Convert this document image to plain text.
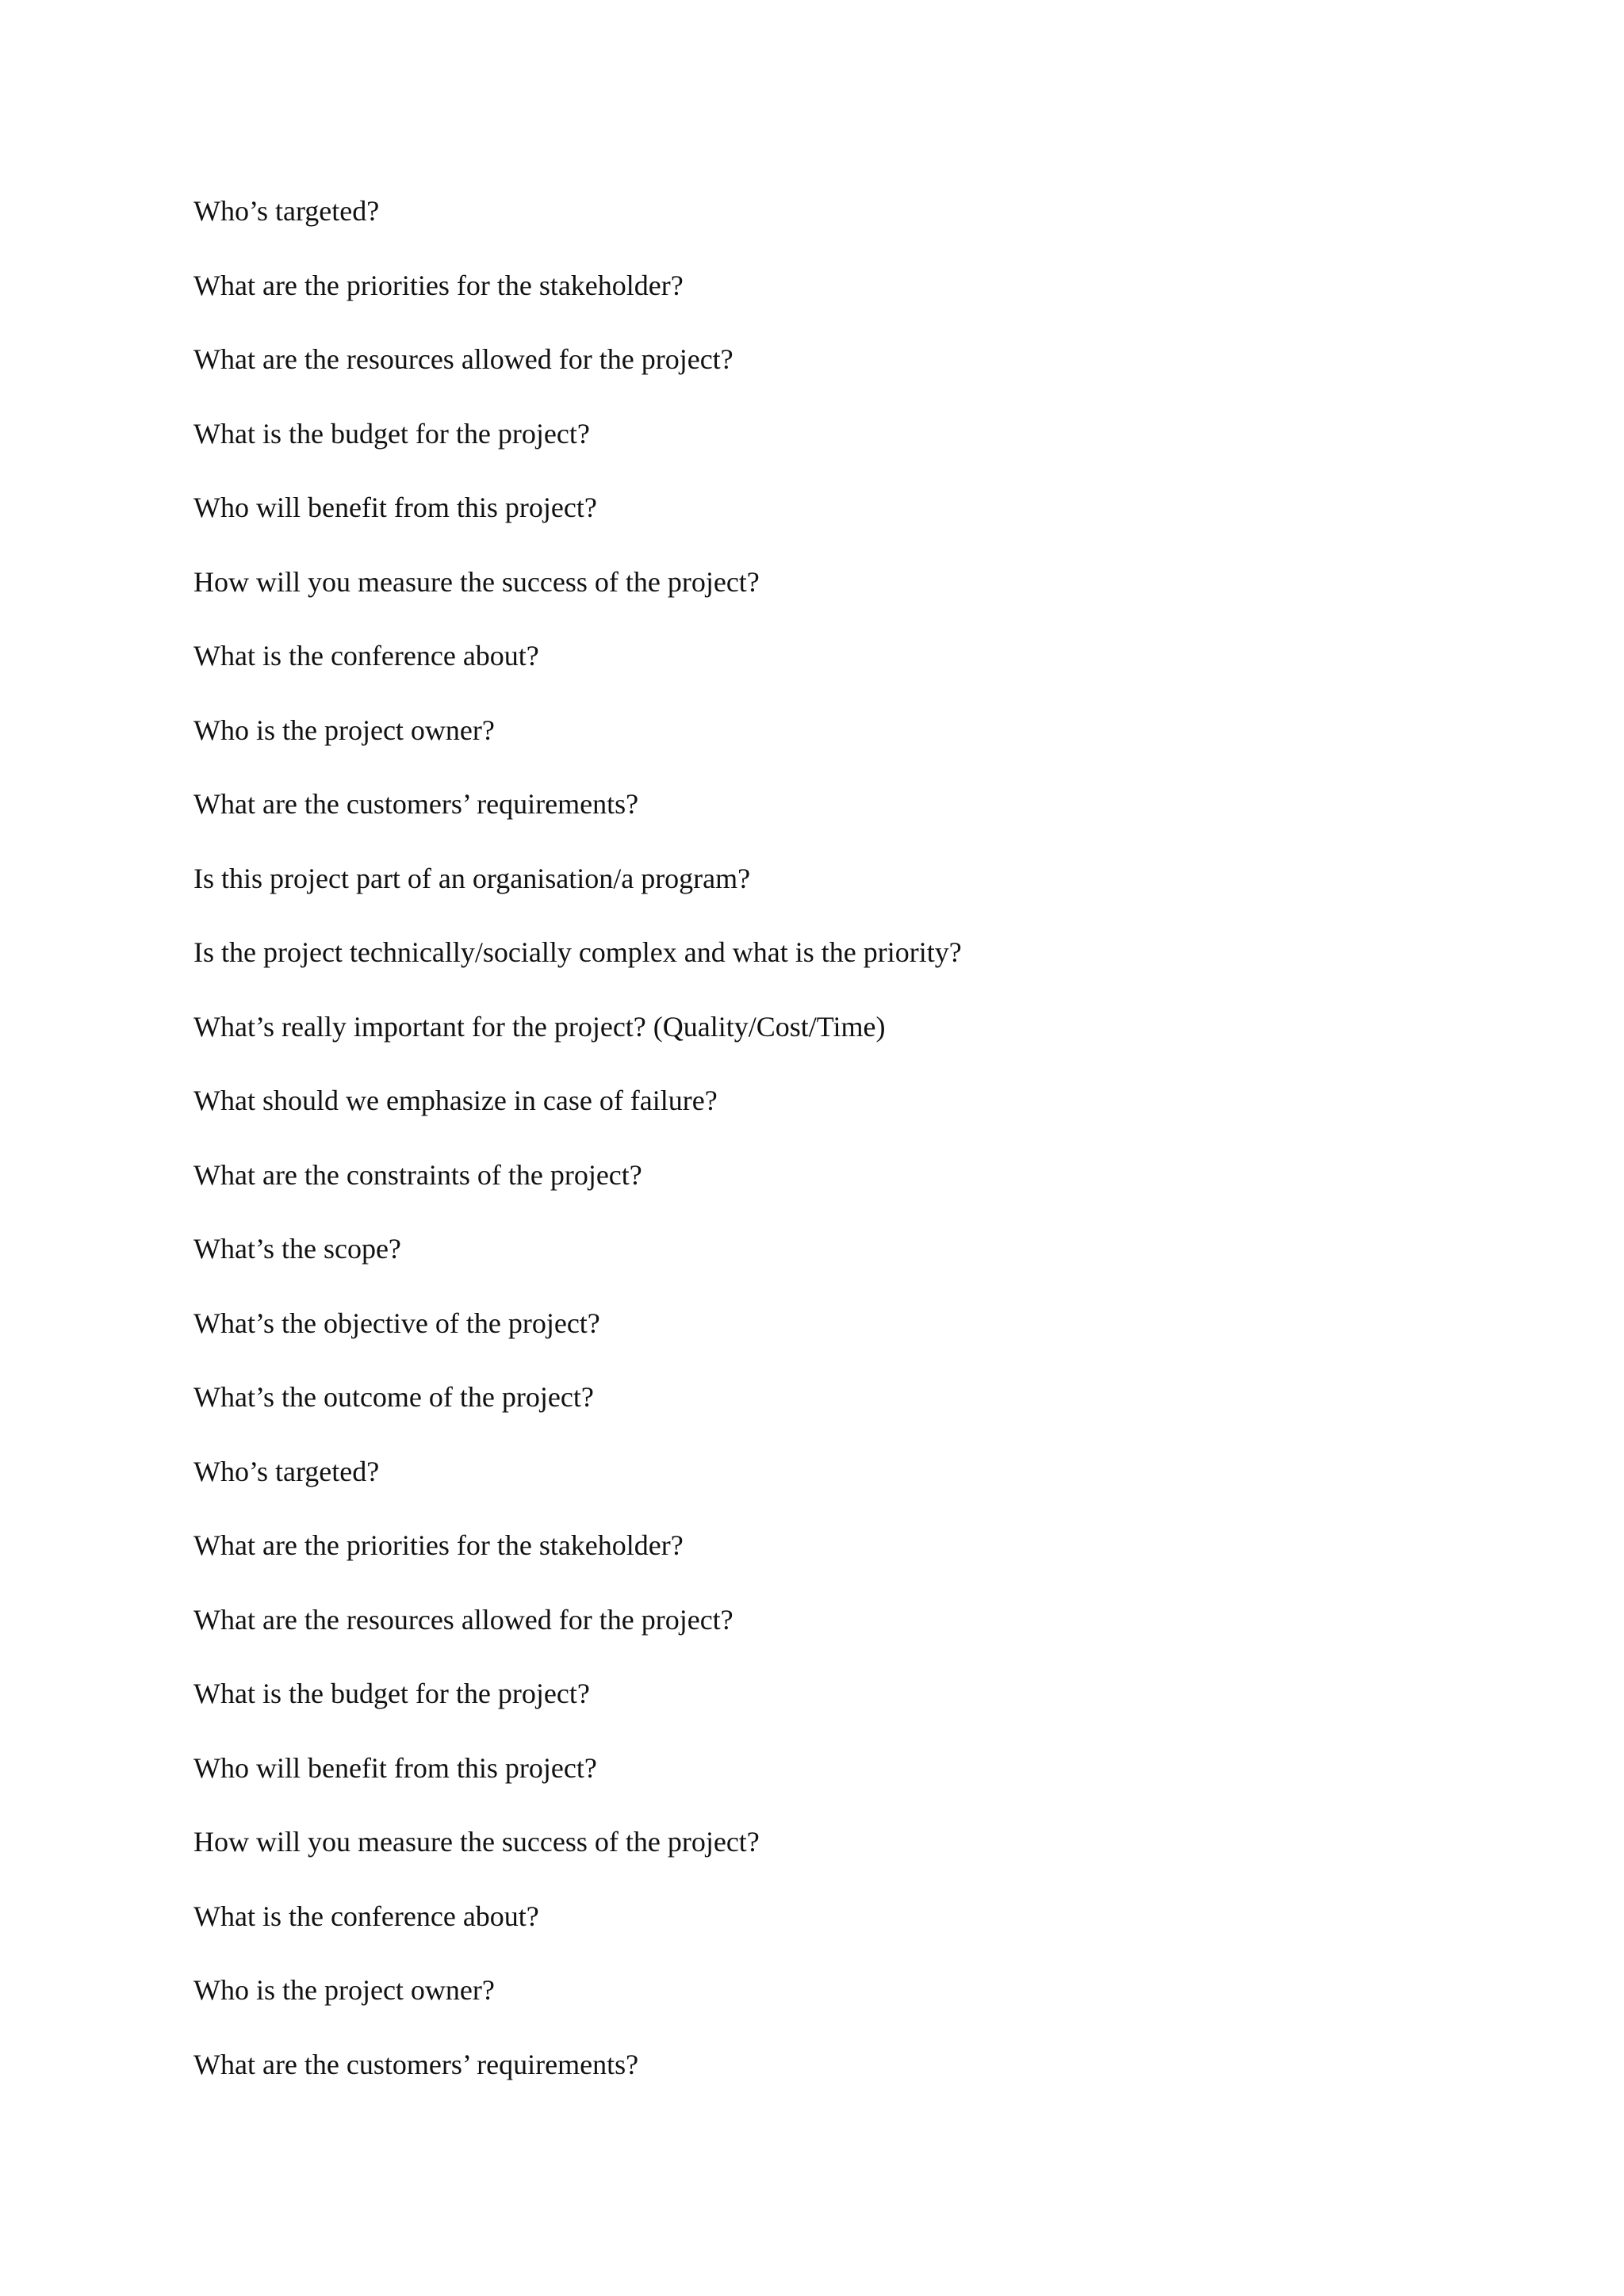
Who’s targeted?
What are the priorities for the stakeholder?
What are the resources allowed for the project?
What is the budget for the project?
Who will benefit from this project?
How will you measure the success of the project?
What is the conference about?
Who is the project owner?
What are the customers’ requirements?
Is this project part of an organisation/a program?
Is the project technically/socially complex and what is the priority?
What’s really important for the project? (Quality/Cost/Time)
What should we emphasize in case of failure?
What are the constraints of the project?
What’s the scope?
What’s the objective of the project?
What’s the outcome of the project?
Who’s targeted?
What are the priorities for the stakeholder?
What are the resources allowed for the project?
What is the budget for the project?
Who will benefit from this project?
How will you measure the success of the project?
What is the conference about?
Who is the project owner?
What are the customers’ requirements?
